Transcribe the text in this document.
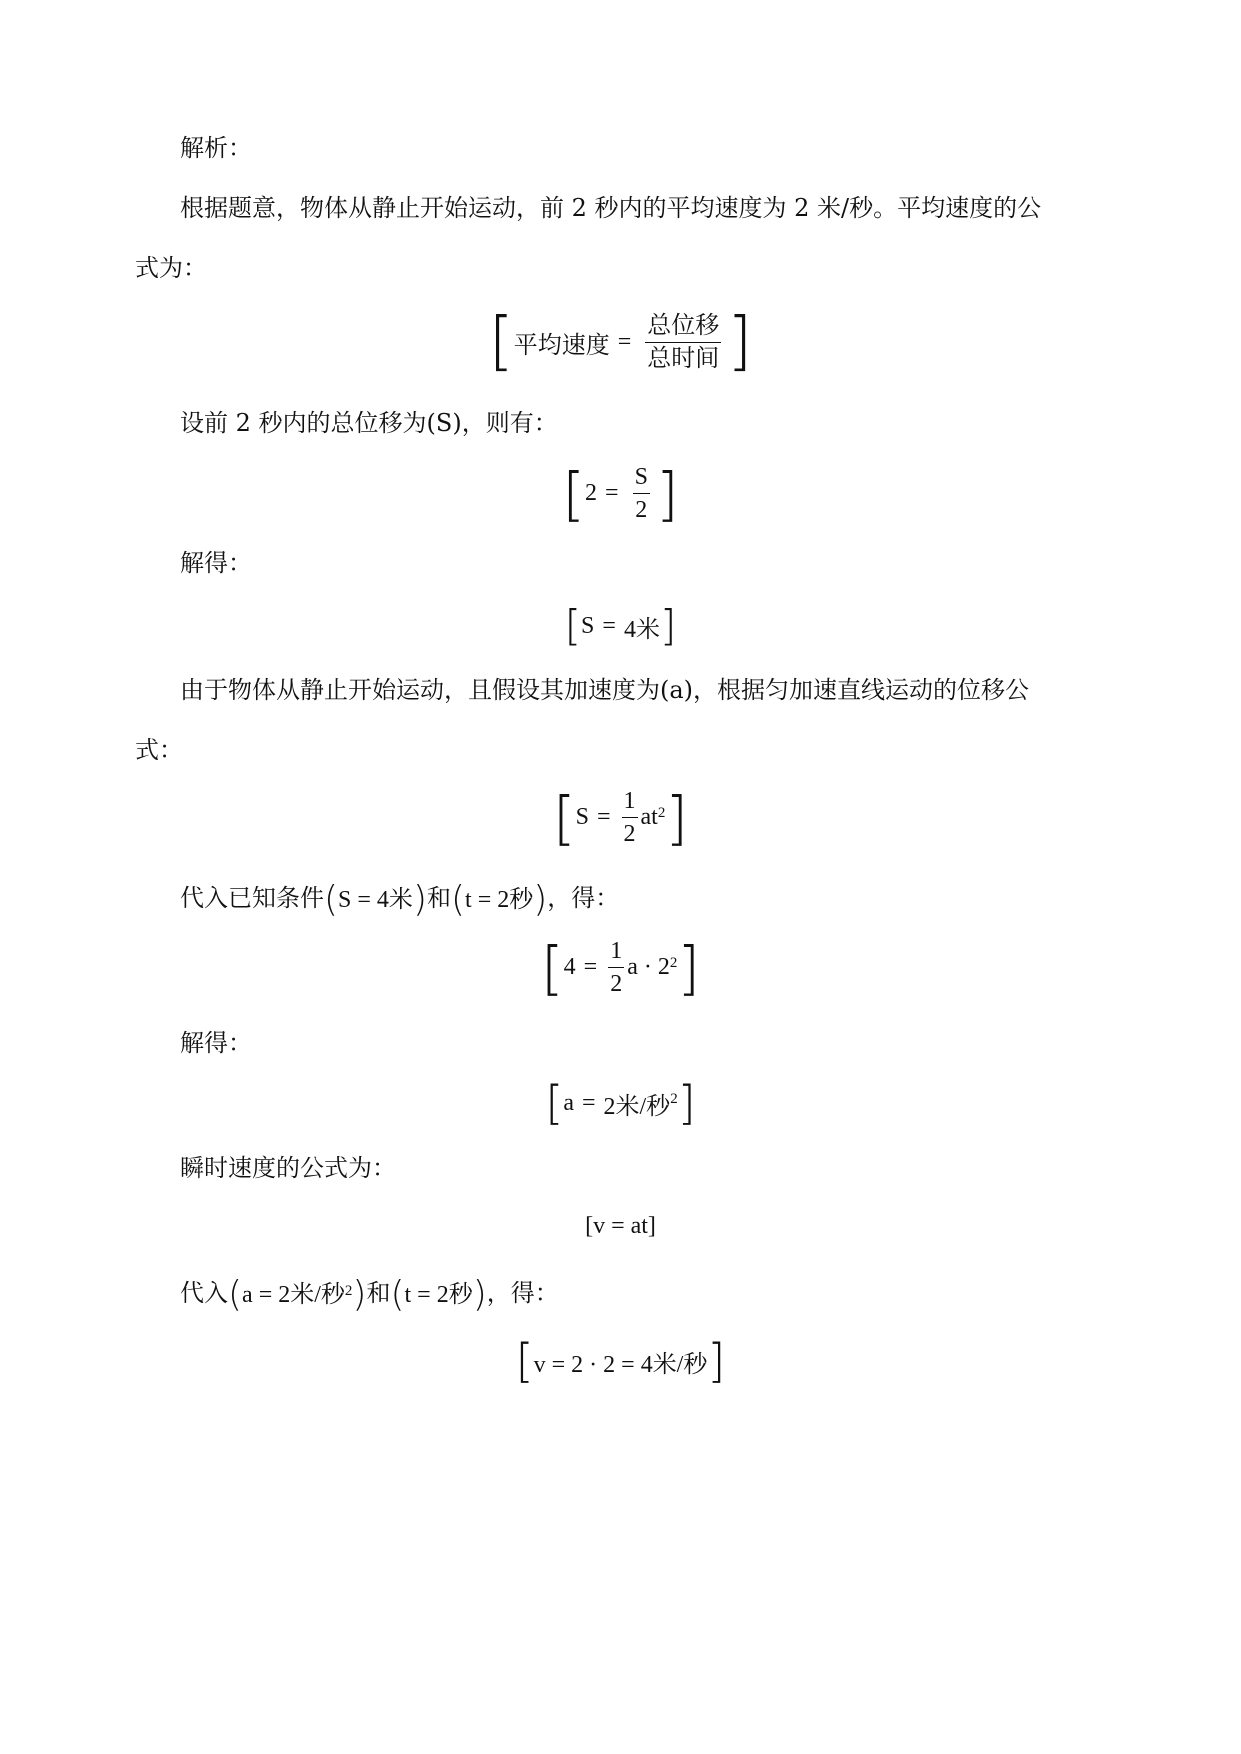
解析：
根据题意，物体从静止开始运动，前 2 秒内的平均速度为 2 米/秒。平均速度的公
式为：
[ 平均速度 = $\frac{\text{总位移}}{\text{总时间}}$ ]
设前 2 秒内的总位移为(S)，则有：
[ $2 = \frac{S}{2}$ ]
解得：
[ S = 4米 ]
由于物体从静止开始运动，且假设其加速度为(a)，根据匀加速直线运动的位移公
式：
[ $S = \frac{1}{2} at^2$ ]
代入已知条件 ( S = 4米 ) 和 ( t = 2秒 ) ，得：
[ $4 = \frac{1}{2}$ $a \cdot 2^2$ ]
解得：
[ a = 2米/秒$^2$ ]
瞬时速度的公式为：
[v = at]
代入 ( a = 2米/秒$^2$ ) 和 ( t = 2秒 ) ，得：
[ v = 2 · 2 = 4米/秒 ]
